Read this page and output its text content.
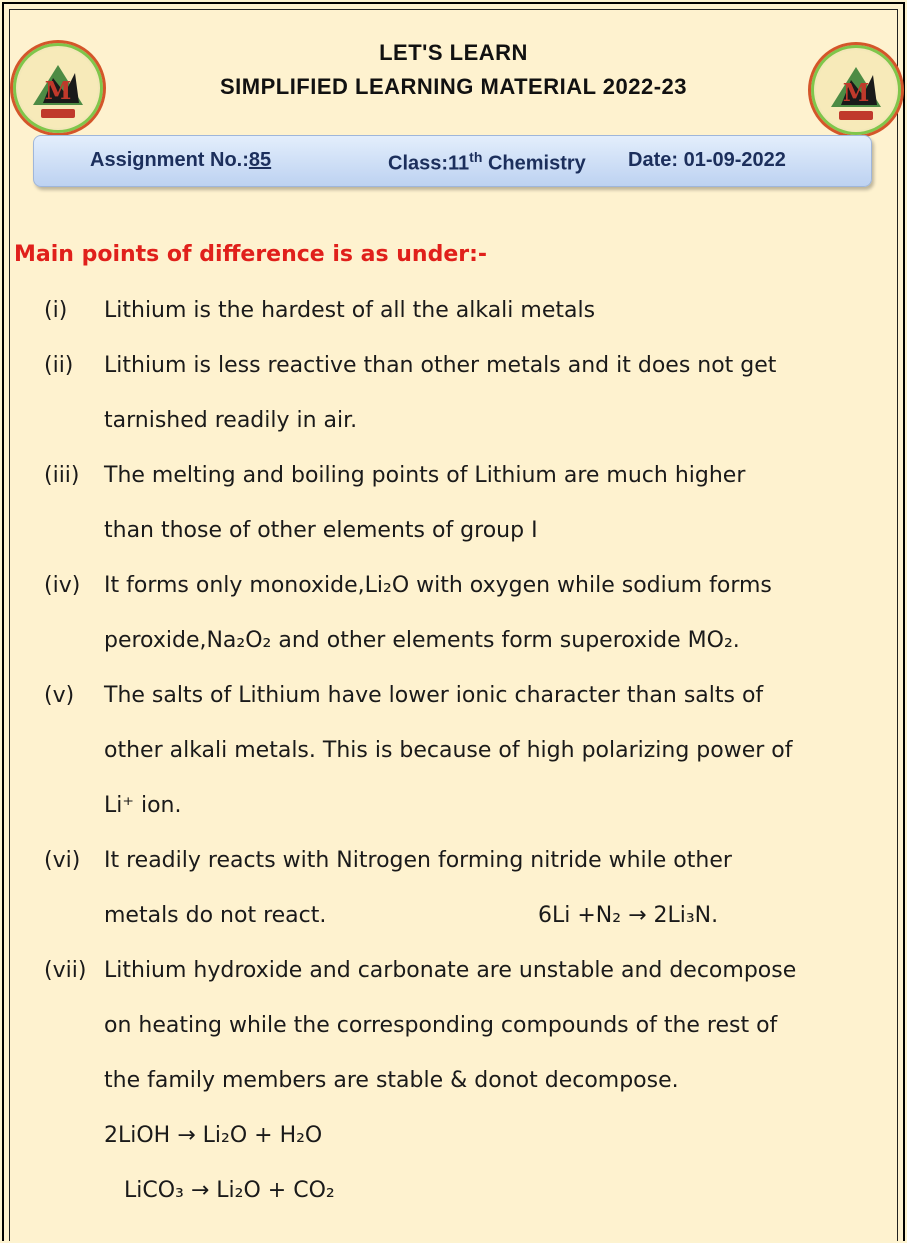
M	M
LET'S LEARN
SIMPLIFIED LEARNING MATERIAL 2022-23
Assignment No.:85	Class:11th Chemistry Date: 01-09-2022
Main points of difference is as under:-
(i) Lithium is the hardest of all the alkali metals
(ii) Lithium is less reactive than other metals and it does not get
tarnished readily in air.
(iii) The melting and boiling points of Lithium are much higher
than those of other elements of group I
(iv) It forms only monoxide,Li₂O with oxygen while sodium forms
peroxide,Na₂O₂ and other elements form superoxide MO₂.
(v) The salts of Lithium have lower ionic character than salts of
other alkali metals. This is because of high polarizing power of
Li⁺ ion.
(vi) It readily reacts with Nitrogen forming nitride while other
metals do not react.	6Li +N₂ → 2Li₃N.
(vii) Lithium hydroxide and carbonate are unstable and decompose
on heating while the corresponding compounds of the rest of
the family members are stable & donot decompose.
2LiOH → Li₂O + H₂O
LiCO₃ → Li₂O + CO₂
